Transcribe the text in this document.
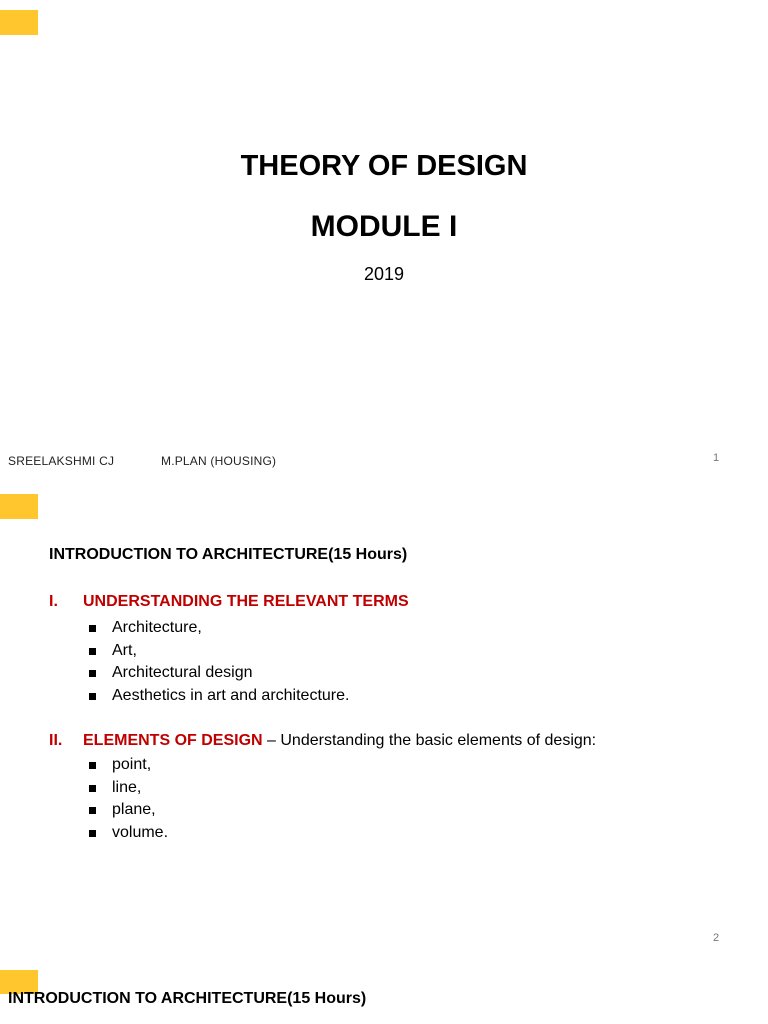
THEORY OF DESIGN
MODULE I
2019
SREELAKSHMI CJ	M.PLAN (HOUSING)	1
INTRODUCTION TO ARCHITECTURE(15 Hours)
I. UNDERSTANDING THE RELEVANT TERMS
Architecture,
Art,
Architectural design
Aesthetics in art and architecture.
II. ELEMENTS OF DESIGN – Understanding the basic elements of design:
point,
line,
plane,
volume.
2
INTRODUCTION TO ARCHITECTURE(15 Hours)
